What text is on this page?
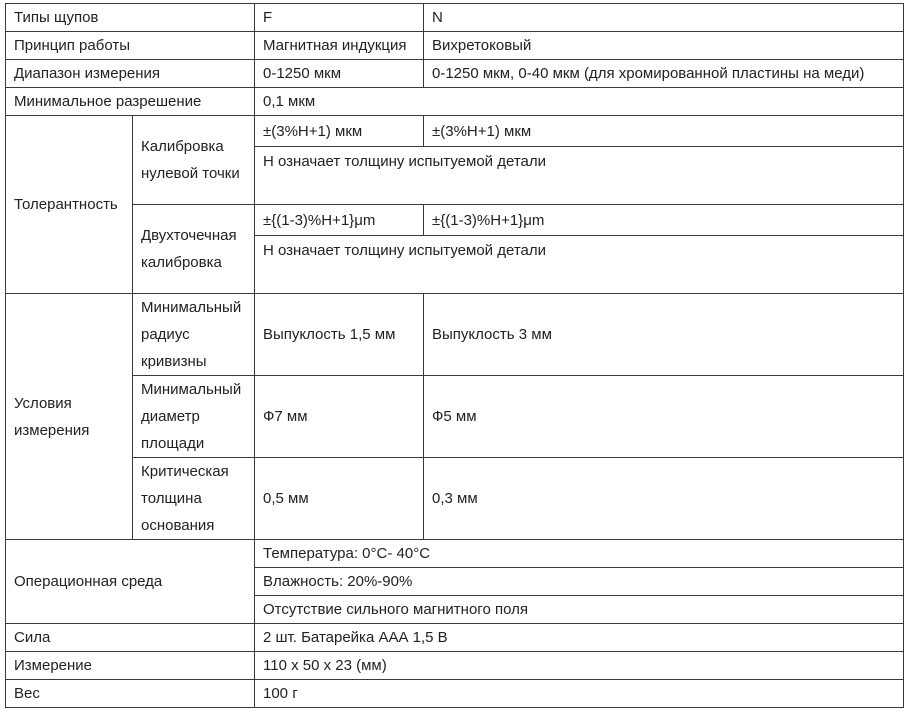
Типы щупов		F	N
Принцип работы		Магнитная индукция	Вихретоковый
Диапазон измерения		0-1250 мкм	0-1250 мкм, 0-40 мкм (для хромированной пластины на меди)
Минимальное разрешение		0,1 мкм	
Толерантность	Калибровка нулевой точки	±(3%H+1) мкм	±(3%H+1) мкм
		Н означает толщину испытуемой детали	
	Двухточечная калибровка	±{(1-3)%H+1}μm	±{(1-3)%H+1}μm
		Н означает толщину испытуемой детали	
Условия измерения	Минимальный радиус кривизны	Выпуклость 1,5 мм	Выпуклость 3 мм
	Минимальный диаметр площади	Ф7 мм	Ф5 мм
	Критическая толщина основания	0,5 мм	0,3 мм
Операционная среда		Температура: 0°C- 40°C	
		Влажность: 20%-90%	
		Отсутствие сильного магнитного поля	
Сила		2 шт. Батарейка ААА 1,5 В	
Измерение		110 х 50 х 23 (мм)	
Вес		100 г	
